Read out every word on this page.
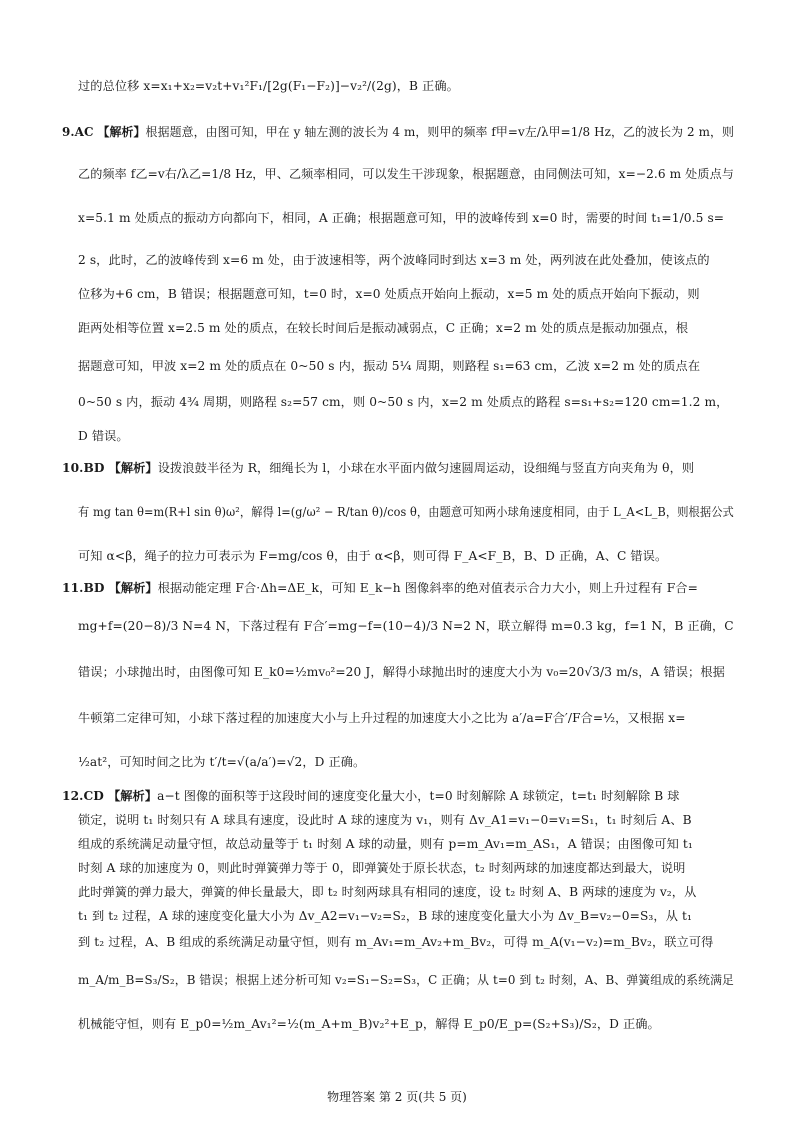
过的总位移 x=x₁+x₂=v₂t+v₁²F₁/[2g(F₁−F₂)]−v₂²/(2g)，B 正确。
9.AC 【解析】根据题意，由图可知，甲在 y 轴左测的波长为 4 m，则甲的频率 f甲=v左/λ甲=1/8 Hz，乙的波长为 2 m，则
乙的频率 f乙=v右/λ乙=1/8 Hz，甲、乙频率相同，可以发生干涉现象，根据题意，由同侧法可知，x=−2.6 m 处质点与
x=5.1 m 处质点的振动方向都向下，相同，A 正确；根据题意可知，甲的波峰传到 x=0 时，需要的时间 t₁=1/0.5 s=
2 s，此时，乙的波峰传到 x=6 m 处，由于波速相等，两个波峰同时到达 x=3 m 处，两列波在此处叠加，使该点的
位移为+6 cm，B 错误；根据题意可知，t=0 时，x=0 处质点开始向上振动，x=5 m 处的质点开始向下振动，则
距两处相等位置 x=2.5 m 处的质点，在较长时间后是振动减弱点，C 正确；x=2 m 处的质点是振动加强点，根
据题意可知，甲波 x=2 m 处的质点在 0~50 s 内，振动 5¼ 周期，则路程 s₁=63 cm，乙波 x=2 m 处的质点在
0~50 s 内，振动 4¾ 周期，则路程 s₂=57 cm，则 0~50 s 内，x=2 m 处质点的路程 s=s₁+s₂=120 cm=1.2 m，
D 错误。
10.BD 【解析】设拨浪鼓半径为 R，细绳长为 l，小球在水平面内做匀速圆周运动，设细绳与竖直方向夹角为 θ，则
有 mg tan θ=m(R+l sin θ)ω²，解得 l=(g/ω² − R/tan θ)/cos θ，由题意可知两小球角速度相同，由于 L_A<L_B，则根据公式
可知 α<β，绳子的拉力可表示为 F=mg/cos θ，由于 α<β，则可得 F_A<F_B，B、D 正确，A、C 错误。
11.BD 【解析】根据动能定理 F合·Δh=ΔE_k，可知 E_k−h 图像斜率的绝对值表示合力大小，则上升过程有 F合=
mg+f=(20−8)/3 N=4 N，下落过程有 F合′=mg−f=(10−4)/3 N=2 N，联立解得 m=0.3 kg，f=1 N，B 正确，C
错误；小球抛出时，由图像可知 E_k0=½mv₀²=20 J，解得小球抛出时的速度大小为 v₀=20√3/3 m/s，A 错误；根据
牛顿第二定律可知，小球下落过程的加速度大小与上升过程的加速度大小之比为 a′/a=F合′/F合=½，又根据 x=
½at²，可知时间之比为 t′/t=√(a/a′)=√2，D 正确。
12.CD 【解析】a−t 图像的面积等于这段时间的速度变化量大小，t=0 时刻解除 A 球锁定，t=t₁ 时刻解除 B 球
锁定，说明 t₁ 时刻只有 A 球具有速度，设此时 A 球的速度为 v₁，则有 Δv_A1=v₁−0=v₁=S₁，t₁ 时刻后 A、B
组成的系统满足动量守恒，故总动量等于 t₁ 时刻 A 球的动量，则有 p=m_Av₁=m_AS₁，A 错误；由图像可知 t₁
时刻 A 球的加速度为 0，则此时弹簧弹力等于 0，即弹簧处于原长状态，t₂ 时刻两球的加速度都达到最大，说明
此时弹簧的弹力最大，弹簧的伸长量最大，即 t₂ 时刻两球具有相同的速度，设 t₂ 时刻 A、B 两球的速度为 v₂，从
t₁ 到 t₂ 过程，A 球的速度变化量大小为 Δv_A2=v₁−v₂=S₂，B 球的速度变化量大小为 Δv_B=v₂−0=S₃，从 t₁
到 t₂ 过程，A、B 组成的系统满足动量守恒，则有 m_Av₁=m_Av₂+m_Bv₂，可得 m_A(v₁−v₂)=m_Bv₂，联立可得
m_A/m_B=S₃/S₂，B 错误；根据上述分析可知 v₂=S₁−S₂=S₃，C 正确；从 t=0 到 t₂ 时刻，A、B、弹簧组成的系统满足
机械能守恒，则有 E_p0=½m_Av₁²=½(m_A+m_B)v₂²+E_p，解得 E_p0/E_p=(S₂+S₃)/S₂，D 正确。
物理答案 第 2 页(共 5 页)
